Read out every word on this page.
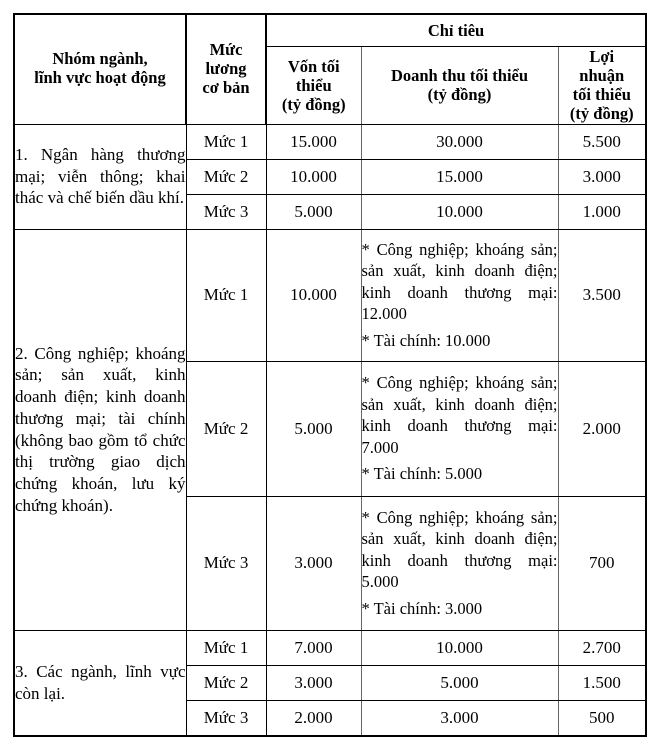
Nhóm ngành,
lĩnh vực hoạt động	Mức
lương
cơ bản	Chỉ tiêu		

		Vốn tối
thiểu
(tỷ đồng)	Doanh thu tối thiểu
(tỷ đồng)	Lợi
nhuận
tối thiểu
(tỷ đồng)

1. Ngân hàng thương mại; viễn thông; khai thác và chế biến dầu khí.	Mức 1	15.000	30.000	5.500
	Mức 2	10.000	15.000	3.000
	Mức 3	5.000	10.000	1.000
2. Công nghiệp; khoáng sản; sản xuất, kinh doanh điện; kinh doanh thương mại; tài chính (không bao gồm tổ chức thị trường giao dịch chứng khoán, lưu ký chứng khoán).	Mức 1	10.000	* Công nghiệp; khoáng sản; sản xuất, kinh doanh điện; kinh doanh thương mại: 12.000

* Tài chính: 10.000	3.500
	Mức 2	5.000	* Công nghiệp; khoáng sản; sản xuất, kinh doanh điện; kinh doanh thương mại: 7.000

* Tài chính: 5.000	2.000
	Mức 3	3.000	* Công nghiệp; khoáng sản; sản xuất, kinh doanh điện; kinh doanh thương mại: 5.000

* Tài chính: 3.000	700
3. Các ngành, lĩnh vực còn lại.	Mức 1	7.000	10.000	2.700
	Mức 2	3.000	5.000	1.500
	Mức 3	2.000	3.000	500
